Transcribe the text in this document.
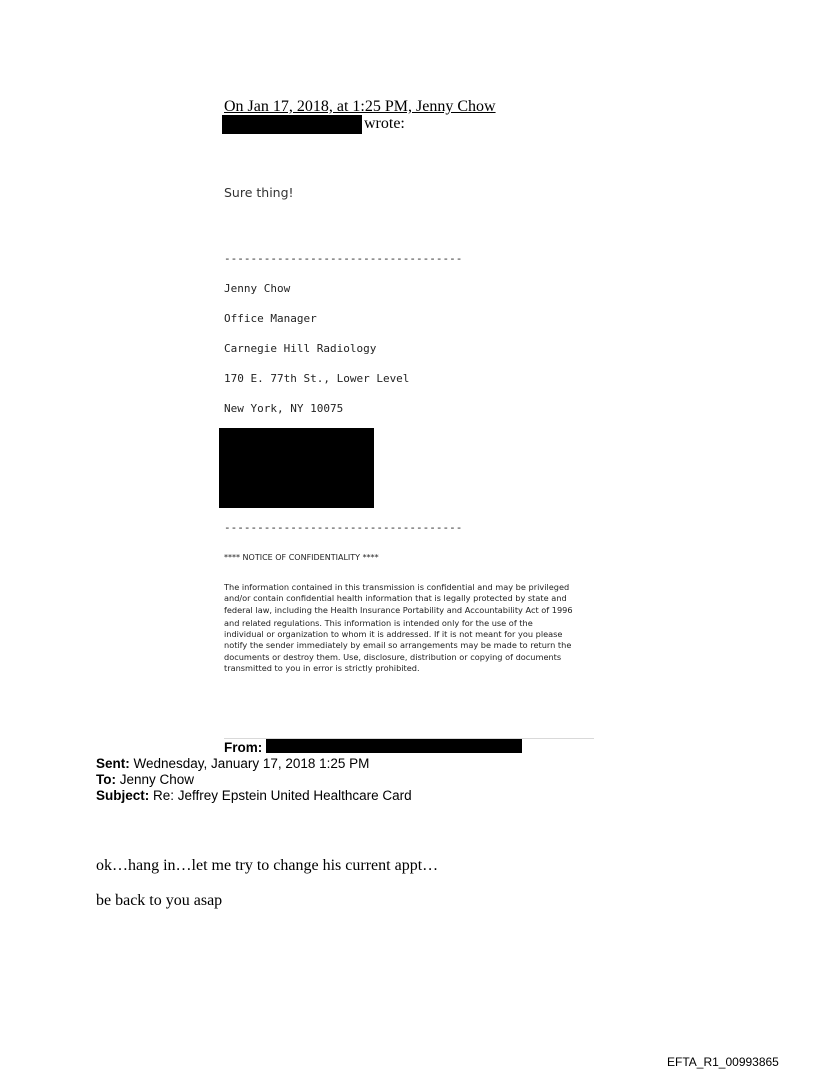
On Jan 17, 2018, at 1:25 PM, Jenny Chow
wrote:
Sure thing!
------------------------------------
Jenny Chow
Office Manager
Carnegie Hill Radiology
170 E. 77th St., Lower Level
New York, NY 10075
------------------------------------
**** NOTICE OF CONFIDENTIALITY ****
The information contained in this transmission is confidential and may be privileged
and/or contain confidential health information that is legally protected by state and
federal law, including the Health Insurance Portability and Accountability Act of 1996
and related regulations. This information is intended only for the use of the
individual or organization to whom it is addressed. If it is not meant for you please
notify the sender immediately by email so arrangements may be made to return the
documents or destroy them. Use, disclosure, distribution or copying of documents
transmitted to you in error is strictly prohibited.
From:
Sent: Wednesday, January 17, 2018 1:25 PM
To: Jenny Chow
Subject: Re: Jeffrey Epstein United Healthcare Card
ok…hang in…let me try to change his current appt…
be back to you asap
EFTA_R1_00993865
